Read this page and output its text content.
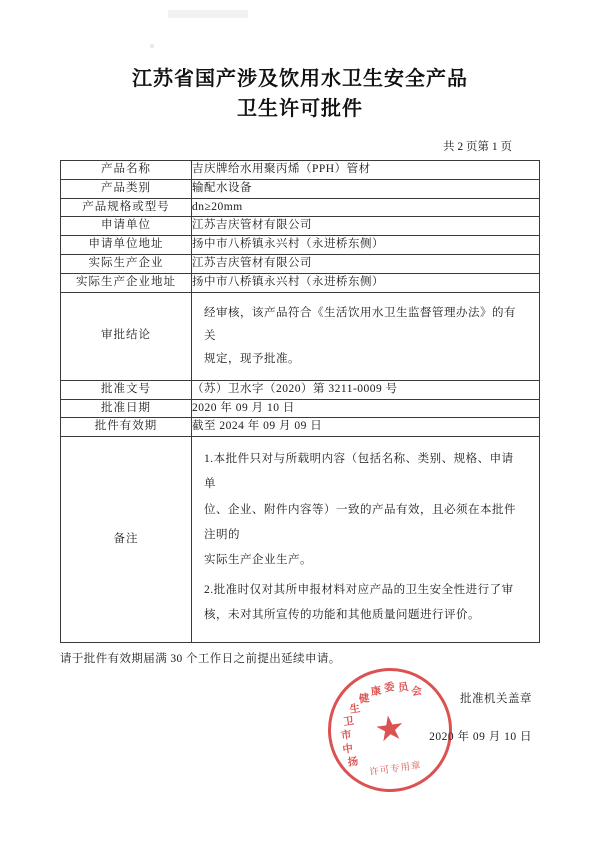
江苏省国产涉及饮用水卫生安全产品
卫生许可批件
共 2 页第 1 页
产品名称	吉庆牌给水用聚丙烯（PPH）管材
产品类别	输配水设备
产品规格或型号	dn≥20mm
申请单位	江苏吉庆管材有限公司
申请单位地址	扬中市八桥镇永兴村（永进桥东侧）
实际生产企业	江苏吉庆管材有限公司
实际生产企业地址	扬中市八桥镇永兴村（永进桥东侧）
审批结论	经审核，该产品符合《生活饮用水卫生监督管理办法》的有关
规定，现予批准。

批准文号	（苏）卫水字（2020）第 3211-0009 号
批准日期	2020 年 09 月 10 日
批件有效期	截至 2024 年 09 月 09 日
备注	1.本批件只对与所载明内容（包括名称、类别、规格、申请单
位、企业、附件内容等）一致的产品有效，且必须在本批件注明的
实际生产企业生产。

2.批准时仅对其所申报材料对应产品的卫生安全性进行了审
核，未对其所宣传的功能和其他质量问题进行评价。

请于批件有效期届满 30 个工作日之前提出延续申请。
扬
中
市
卫
生
健
康 委 员 会
★
许可专用章
批准机关盖章
2020 年 09 月 10 日
